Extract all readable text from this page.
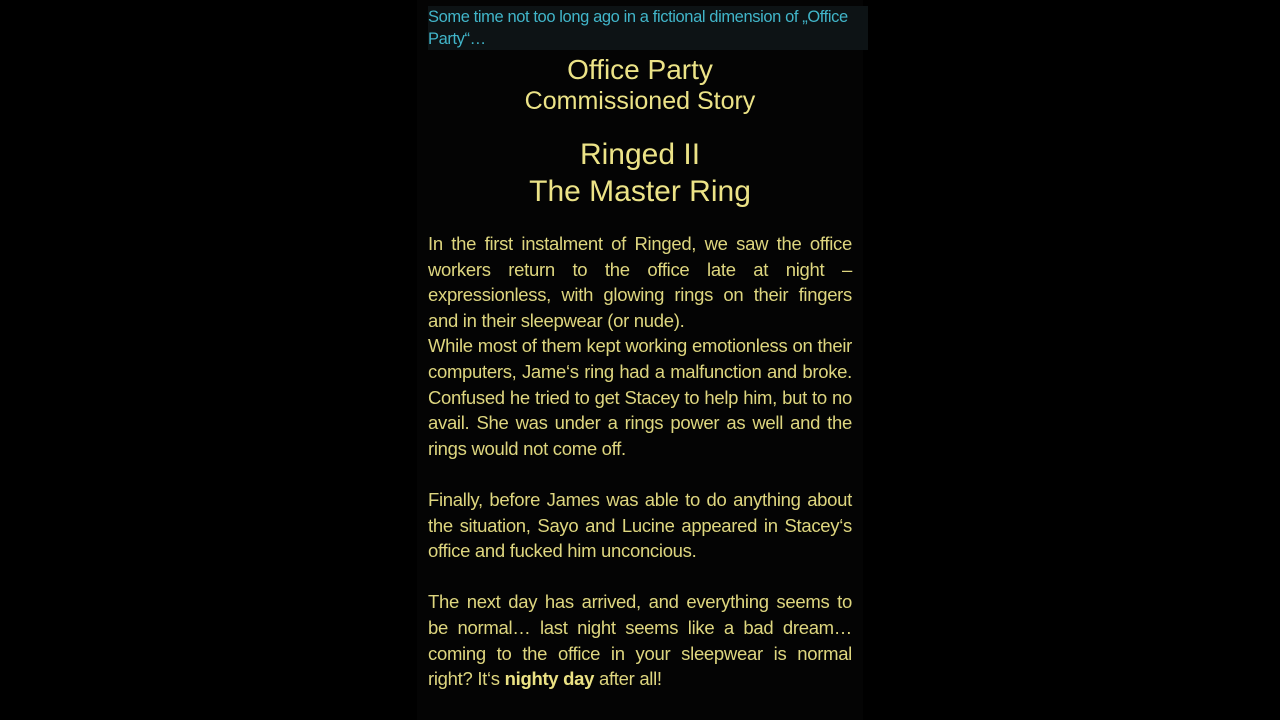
Some time not too long ago in a fictional dimension of „Office Party“…
Office Party
Commissioned Story
Ringed II
The Master Ring

In the first instalment of Ringed, we saw the office workers return to the office late at night – expressionless, with glowing rings on their fingers and in their sleepwear (or nude).

While most of them kept working emotionless on their computers, Jame‘s ring had a malfunction and broke. Confused he tried to get Stacey to help him, but to no avail. She was under a rings power as well and the rings would not come off.

Finally, before James was able to do anything about the situation, Sayo and Lucine appeared in Stacey‘s office and fucked him unconcious.

The next day has arrived, and everything seems to be normal… last night seems like a bad dream… coming to the office in your sleepwear is normal right? It‘s nighty day after all!
